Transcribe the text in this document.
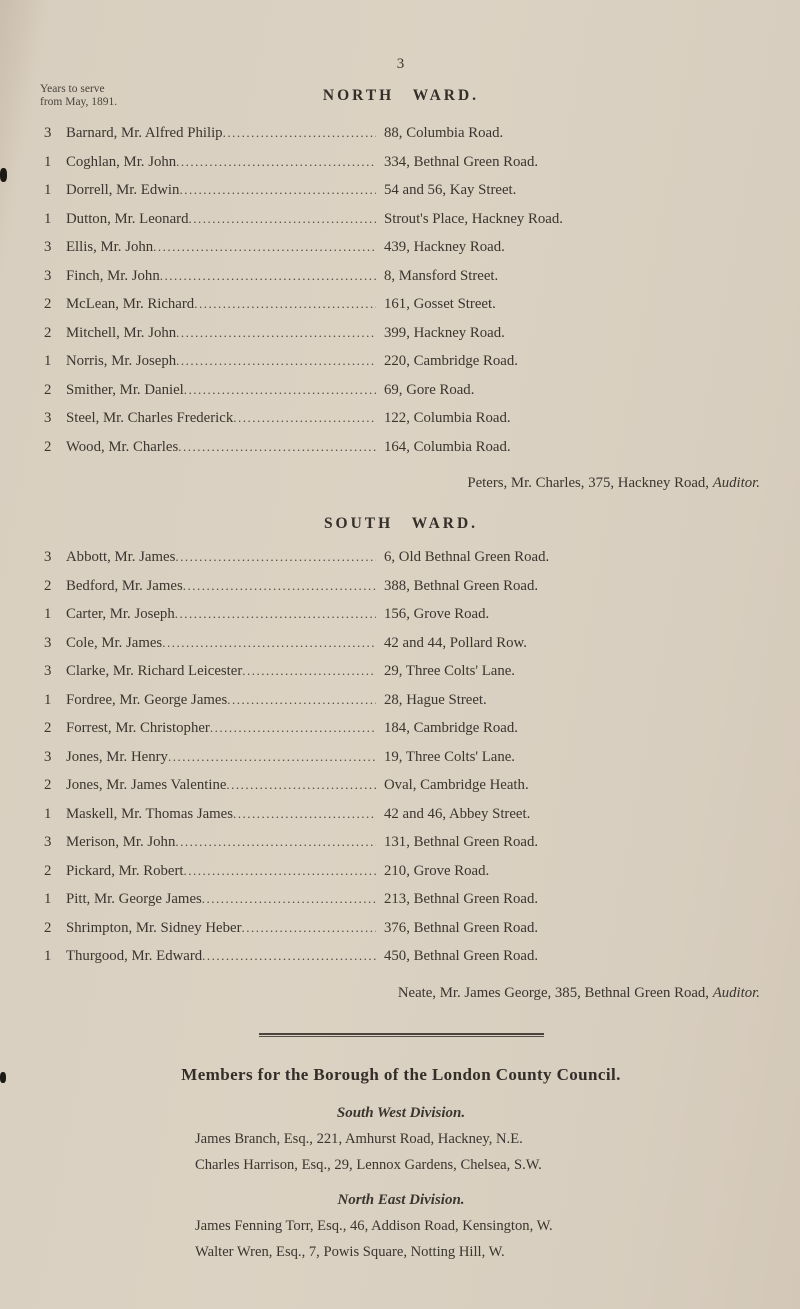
3
Years to serve
from May, 1891.	NORTH WARD.
3 Barnard, Mr. Alfred Philip .....	88, Columbia Road.
1 Coghlan, Mr. John .....	334, Bethnal Green Road.
1 Dorrell, Mr. Edwin .....	54 and 56, Kay Street.
1 Dutton, Mr. Leonard .....	Strout's Place, Hackney Road.
3 Ellis, Mr. John .....	439, Hackney Road.
3 Finch, Mr. John .....	8, Mansford Street.
2 McLean, Mr. Richard .....	161, Gosset Street.
2 Mitchell, Mr. John .....	399, Hackney Road.
1 Norris, Mr. Joseph .....	220, Cambridge Road.
2 Smither, Mr. Daniel .....	69, Gore Road.
3 Steel, Mr. Charles Frederick .....	122, Columbia Road.
2 Wood, Mr. Charles .....	164, Columbia Road.
Peters, Mr. Charles, 375, Hackney Road, Auditor.
SOUTH WARD.
3 Abbott, Mr. James .....	6, Old Bethnal Green Road.
2 Bedford, Mr. James .....	388, Bethnal Green Road.
1 Carter, Mr. Joseph .....	156, Grove Road.
3 Cole, Mr. James .....	42 and 44, Pollard Row.
3 Clarke, Mr. Richard Leicester .....	29, Three Colts' Lane.
1 Fordree, Mr. George James .....	28, Hague Street.
2 Forrest, Mr. Christopher .....	184, Cambridge Road.
3 Jones, Mr. Henry .....	19, Three Colts' Lane.
2 Jones, Mr. James Valentine .....	Oval, Cambridge Heath.
1 Maskell, Mr. Thomas James .....	42 and 46, Abbey Street.
3 Merison, Mr. John .....	131, Bethnal Green Road.
2 Pickard, Mr. Robert .....	210, Grove Road.
1 Pitt, Mr. George James .....	213, Bethnal Green Road.
2 Shrimpton, Mr. Sidney Heber .....	376, Bethnal Green Road.
1 Thurgood, Mr. Edward .....	450, Bethnal Green Road.
Neate, Mr. James George, 385, Bethnal Green Road, Auditor.
Members for the Borough of the London County Council.
South West Division.
James Branch, Esq., 221, Amhurst Road, Hackney, N.E.
Charles Harrison, Esq., 29, Lennox Gardens, Chelsea, S.W.
North East Division.
James Fenning Torr, Esq., 46, Addison Road, Kensington, W.
Walter Wren, Esq., 7, Powis Square, Notting Hill, W.
